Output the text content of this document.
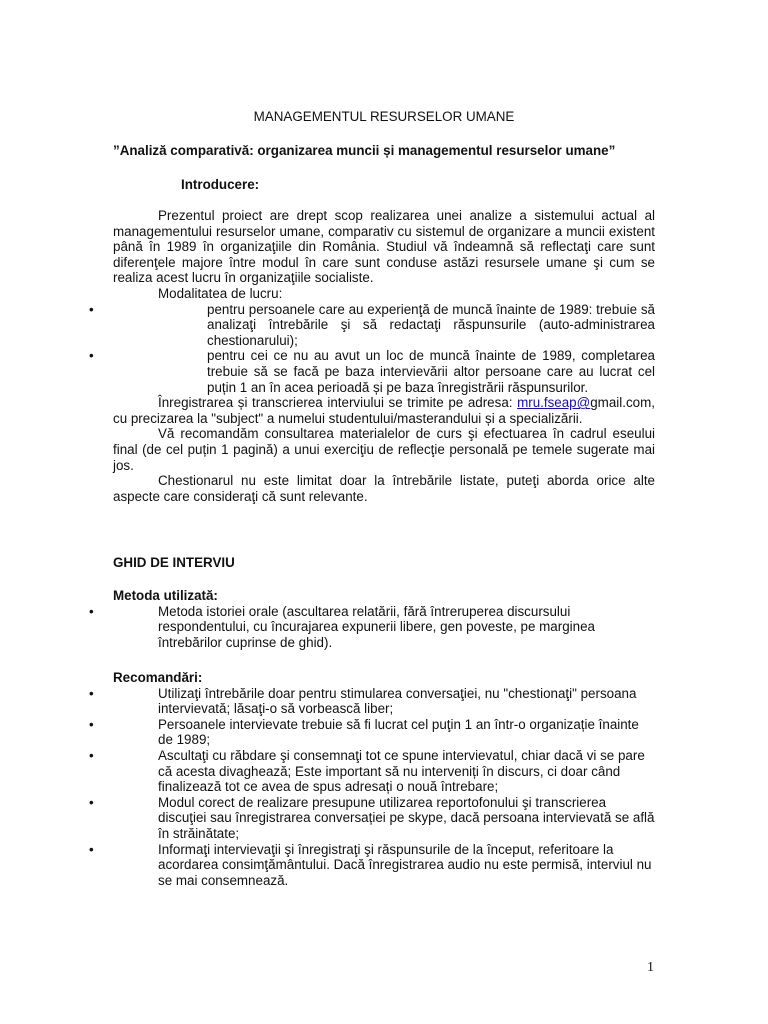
MANAGEMENTUL RESURSELOR UMANE
”Analiză comparativă: organizarea muncii și managementul resurselor umane”
Introducere:

Prezentul proiect are drept scop realizarea unei analize a sistemului actual al managementului resurselor umane, comparativ cu sistemul de organizare a muncii existent până în 1989 în organizaţiile din România. Studiul vă îndeamnă să reflectaţi care sunt diferenţele majore între modul în care sunt conduse astăzi resursele umane şi cum se realiza acest lucru în organizaţiile socialiste.

Modalitatea de lucru:

•	pentru persoanele care au experienţă de muncă înainte de 1989: trebuie să analizaţi întrebările şi să redactaţi răspunsurile (auto-administrarea chestionarului);
•	pentru cei ce nu au avut un loc de muncă înainte de 1989, completarea trebuie să se facă pe baza intervievării altor persoane care au lucrat cel puțin 1 an în acea perioadă și pe baza înregistrării răspunsurilor.

Înregistrarea și transcrierea interviului se trimite pe adresa: mru.fseap@gmail.com, cu precizarea la "subject" a numelui studentului/masterandului și a specializării.

Vă recomandăm consultarea materialelor de curs şi efectuarea în cadrul eseului final (de cel puțin 1 pagină) a unui exerciţiu de reflecţie personală pe temele sugerate mai jos.

Chestionarul nu este limitat doar la întrebările listate, puteţi aborda orice alte aspecte care consideraţi că sunt relevante.

GHID DE INTERVIU

Metoda utilizată:

•	Metoda istoriei orale (ascultarea relatării, fără întreruperea discursului respondentului, cu încurajarea expunerii libere, gen poveste, pe marginea întrebărilor cuprinse de ghid).

Recomandări:

•	Utilizaţi întrebările doar pentru stimularea conversaţiei, nu "chestionaţi" persoana intervievată; lăsaţi-o să vorbească liber;
•	Persoanele intervievate trebuie să fi lucrat cel puţin 1 an într-o organizație înainte de 1989;
•	Ascultaţi cu răbdare şi consemnaţi tot ce spune intervievatul, chiar dacă vi se pare că acesta divaghează; Este important să nu interveniți în discurs, ci doar când finalizează tot ce avea de spus adresați o nouă întrebare;
•	Modul corect de realizare presupune utilizarea reportofonului şi transcrierea discuţiei sau înregistrarea conversației pe skype, dacă persoana intervievată se află în străinătate;
•	Informaţi intervievaţii şi înregistraţi şi răspunsurile de la început, referitoare la acordarea consimţământului. Dacă înregistrarea audio nu este permisă, interviul nu se mai consemnează.
1
